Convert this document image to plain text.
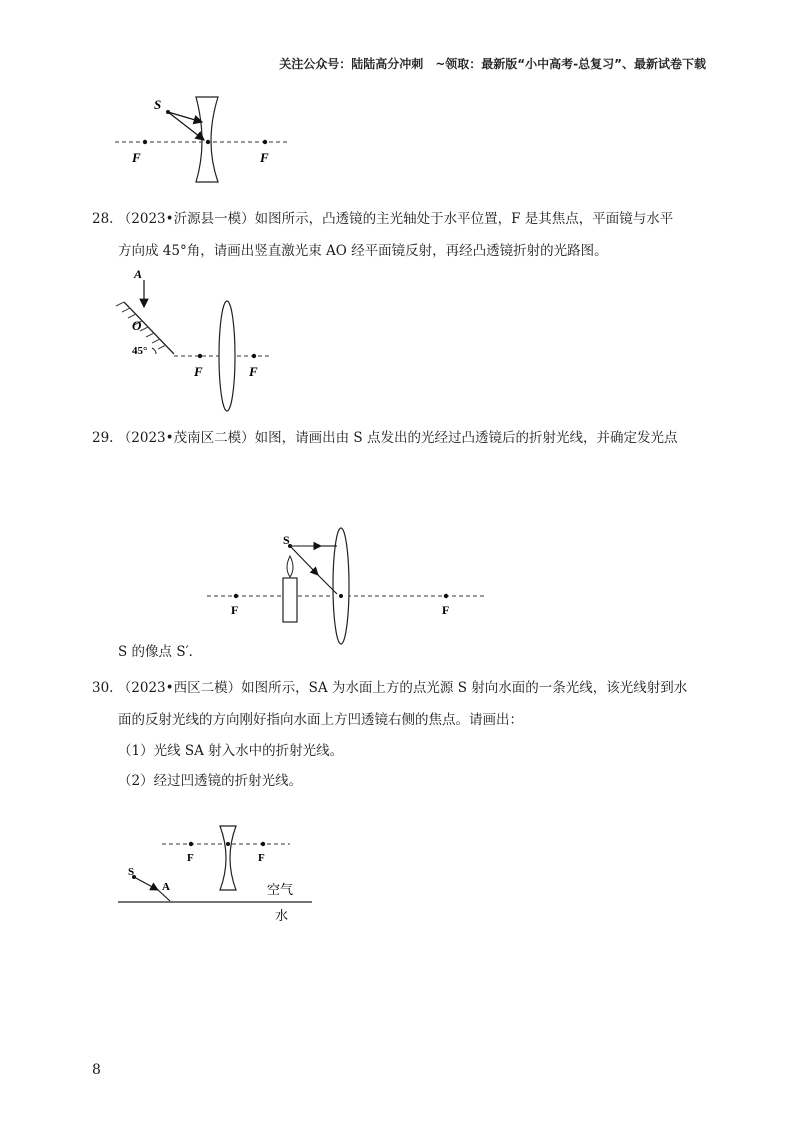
关注公众号：陆陆高分冲刺　~领取：最新版“小中高考-总复习”、最新试卷下载
S
F	F
28. （2023•沂源县一模）如图所示，凸透镜的主光轴处于水平位置，F 是其焦点，平面镜与水平
方向成 45°角，请画出竖直激光束 AO 经平面镜反射，再经凸透镜折射的光路图。
A
O
45°
F	F
29. （2023•茂南区二模）如图，请画出由 S 点发出的光经过凸透镜后的折射光线，并确定发光点
S
F	F
S 的像点 S′．
30. （2023•西区二模）如图所示，SA 为水面上方的点光源 S 射向水面的一条光线，该光线射到水
面的反射光线的方向刚好指向水面上方凹透镜右侧的焦点。请画出：
（1）光线 SA 射入水中的折射光线。
（2）经过凹透镜的折射光线。
F	F
S
A	空气
水
8
